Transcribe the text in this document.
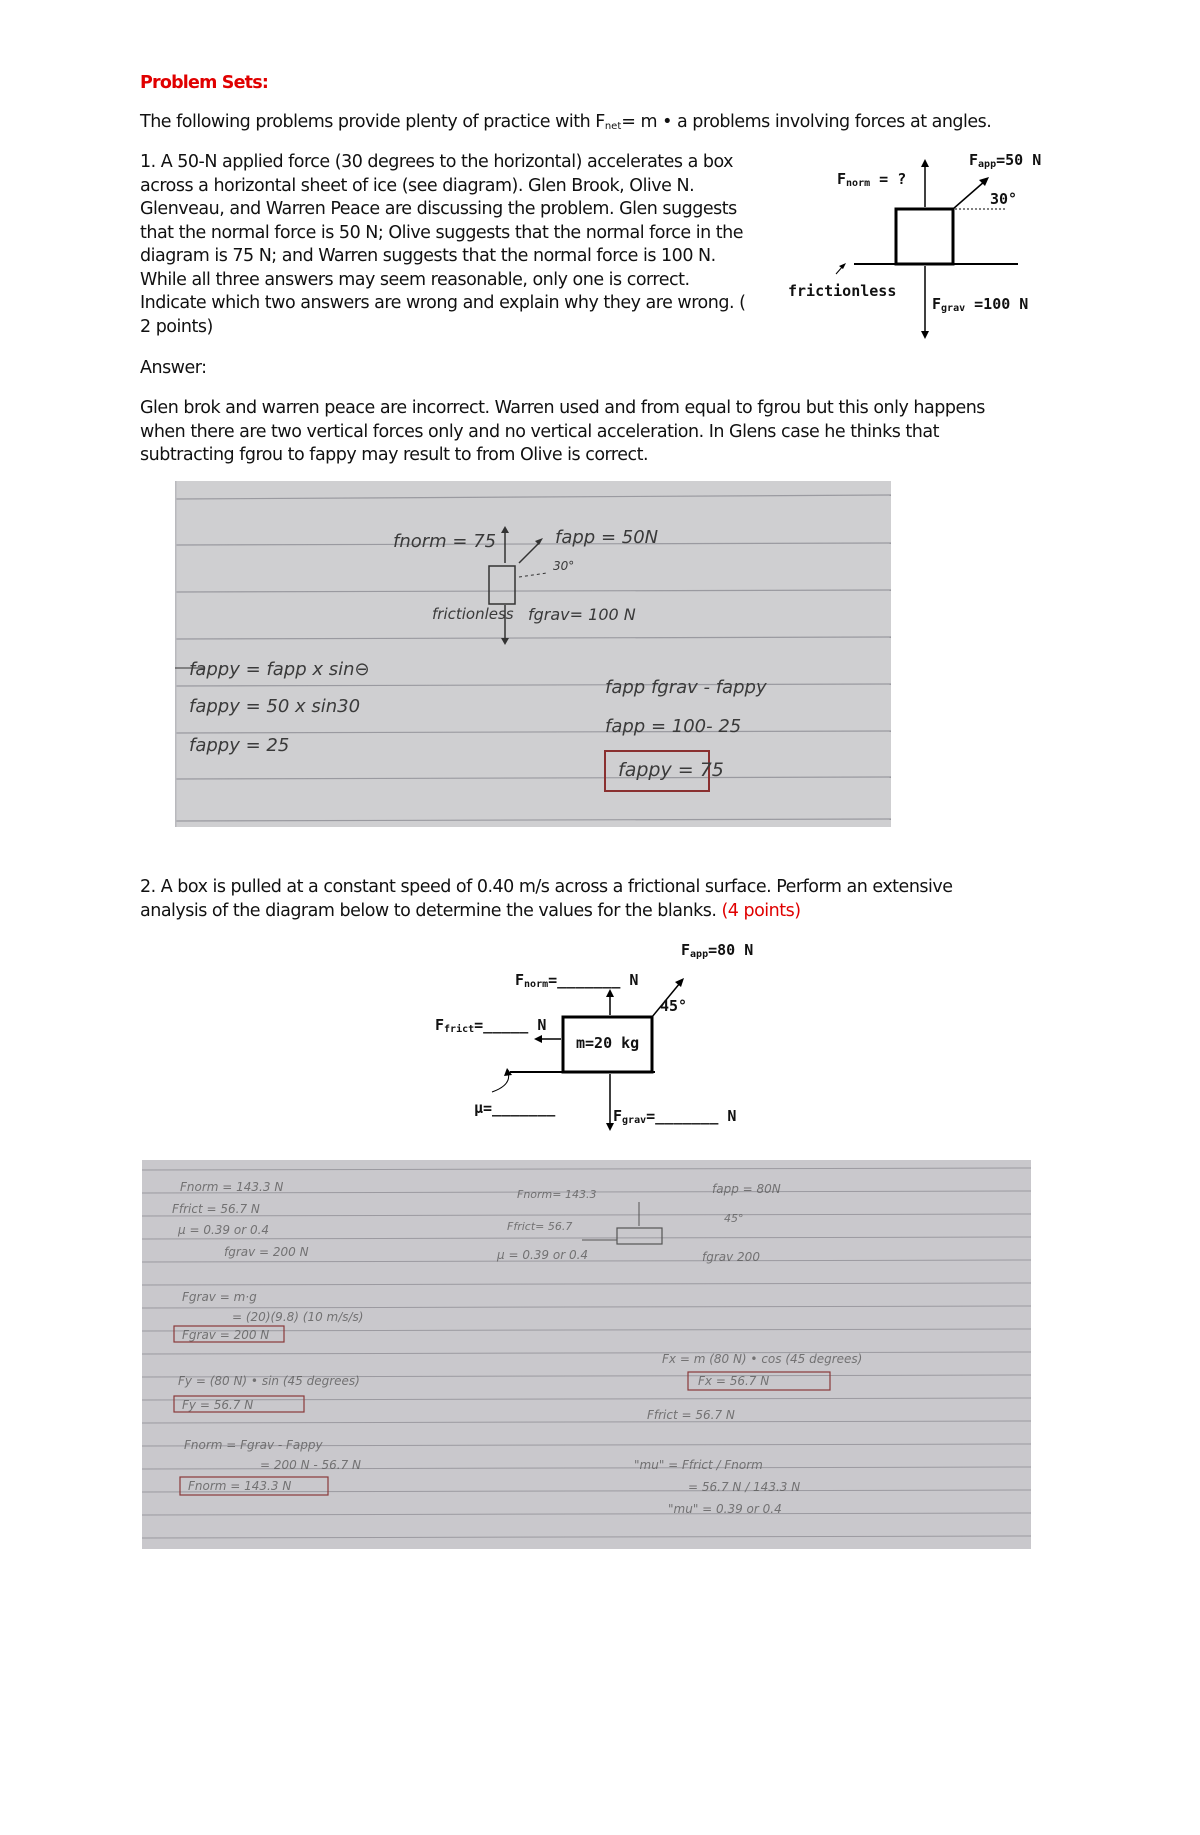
Problem Sets:
The following problems provide plenty of practice with $F_{net}= m$ • a problems involving forces at angles.
1. A 50-N applied force (30 degrees to the horizontal) accelerates a box
across a horizontal sheet of ice (see diagram). Glen Brook, Olive N.
Glenveau, and Warren Peace are discussing the problem. Glen suggests
that the normal force is 50 N; Olive suggests that the normal force in the
diagram is 75 N; and Warren suggests that the normal force is 100 N.
While all three answers may seem reasonable, only one is correct.
Indicate which two answers are wrong and explain why they are wrong. (
2 points)
$F_{norm}$ = ?
$F_{app}=50$ N
30°
frictionless
$F_{grav} =100$ N
Answer:
Glen brok and warren peace are incorrect. Warren used and from equal to fgrou but this only happens
when there are two vertical forces only and no vertical acceleration. In Glens case he thinks that
subtracting fgrou to fappy may result to from Olive is correct.
fnorm = 75	fapp = 50N
30°
frictionless fgrav= 100 N
fappy = fapp x sin⊖
fappy = 50 x sin30
fappy = 25
fapp fgrav - fappy
fapp = 100- 25
fappy = 75
2. A box is pulled at a constant speed of 0.40 m/s across a frictional surface. Perform an extensive
analysis of the diagram below to determine the values for the blanks. (4 points)
$F_{app}=80$ N
$F_{norm}=\_\_\_\_\_\_\_$ N
45°
$F_{frict}=\_\_\_\_\_$ N
m=20 kg
μ=_______	$F_{grav}=\_\_\_\_\_\_\_$ N
Fnorm = 143.3 N
Ffrict = 56.7 N
μ = 0.39 or 0.4
fgrav = 200 N
Fnorm= 143.3
Ffrict= 56.7
fapp = 80N
45°
μ = 0.39 or 0.4	fgrav 200
Fgrav = m·g
= (20)(9.8) (10 m/s/s)
Fgrav = 200 N
Fx = m (80 N) • cos (45 degrees)
Fx = 56.7 N
Fy = (80 N) • sin (45 degrees)
Fy = 56.7 N
Ffrict = 56.7 N
Fnorm = Fgrav - Fappy
= 200 N - 56.7 N
Fnorm = 143.3 N
"mu" = Ffrict / Fnorm
= 56.7 N / 143.3 N
"mu" = 0.39 or 0.4
